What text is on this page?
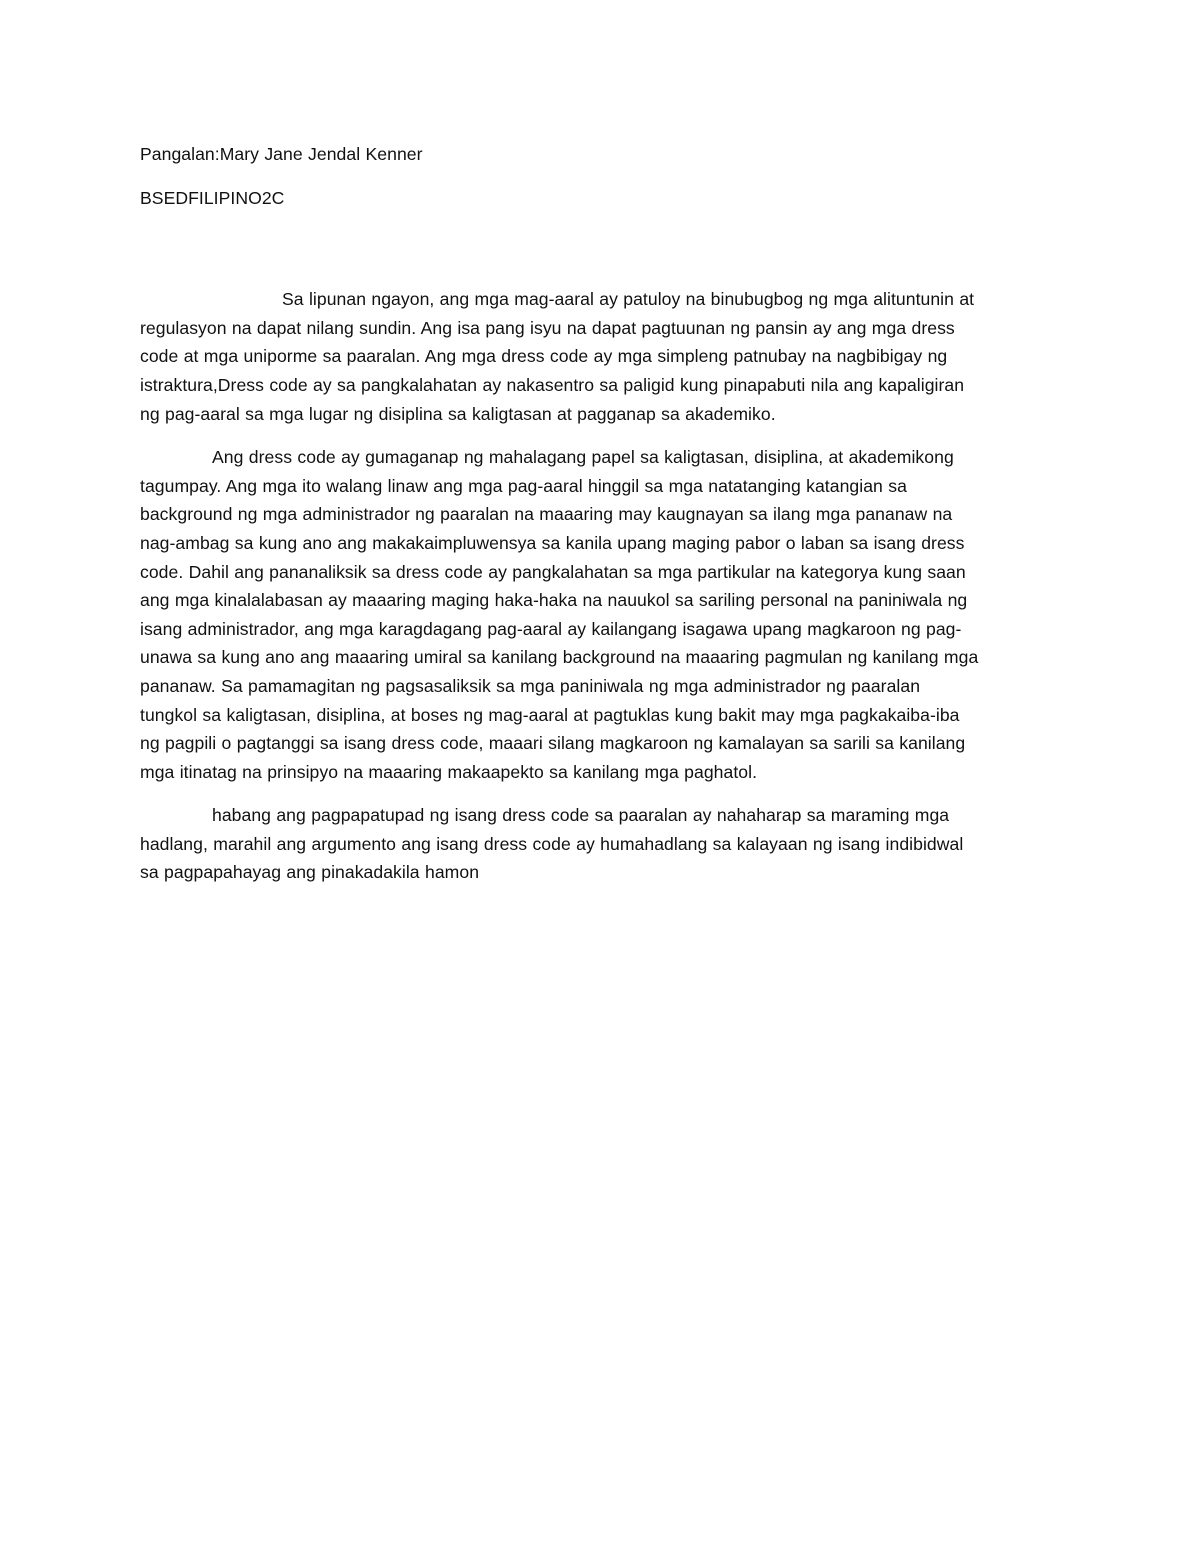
Pangalan:Mary Jane Jendal Kenner
BSEDFILIPINO2C
Sa lipunan ngayon, ang mga mag-aaral ay patuloy na binubugbog ng mga alituntunin at
regulasyon na dapat nilang sundin. Ang isa pang isyu na dapat pagtuunan ng pansin ay ang mga dress
code at mga uniporme sa paaralan. Ang mga dress code ay mga simpleng patnubay na nagbibigay ng
istraktura,Dress code ay sa pangkalahatan ay nakasentro sa paligid kung pinapabuti nila ang kapaligiran
ng pag-aaral sa mga lugar ng disiplina sa kaligtasan at pagganap sa akademiko.
Ang dress code ay gumaganap ng mahalagang papel sa kaligtasan, disiplina, at akademikong
tagumpay. Ang mga ito walang linaw ang mga pag-aaral hinggil sa mga natatanging katangian sa
background ng mga administrador ng paaralan na maaaring may kaugnayan sa ilang mga pananaw na
nag-ambag sa kung ano ang makakaimpluwensya sa kanila upang maging pabor o laban sa isang dress
code. Dahil ang pananaliksik sa dress code ay pangkalahatan sa mga partikular na kategorya kung saan
ang mga kinalalabasan ay maaaring maging haka-haka na nauukol sa sariling personal na paniniwala ng
isang administrador, ang mga karagdagang pag-aaral ay kailangang isagawa upang magkaroon ng pag-
unawa sa kung ano ang maaaring umiral sa kanilang background na maaaring pagmulan ng kanilang mga
pananaw. Sa pamamagitan ng pagsasaliksik sa mga paniniwala ng mga administrador ng paaralan
tungkol sa kaligtasan, disiplina, at boses ng mag-aaral at pagtuklas kung bakit may mga pagkakaiba-iba
ng pagpili o pagtanggi sa isang dress code, maaari silang magkaroon ng kamalayan sa sarili sa kanilang
mga itinatag na prinsipyo na maaaring makaapekto sa kanilang mga paghatol.
habang ang pagpapatupad ng isang dress code sa paaralan ay nahaharap sa maraming mga
hadlang, marahil ang argumento ang isang dress code ay humahadlang sa kalayaan ng isang indibidwal
sa pagpapahayag ang pinakadakila hamon
